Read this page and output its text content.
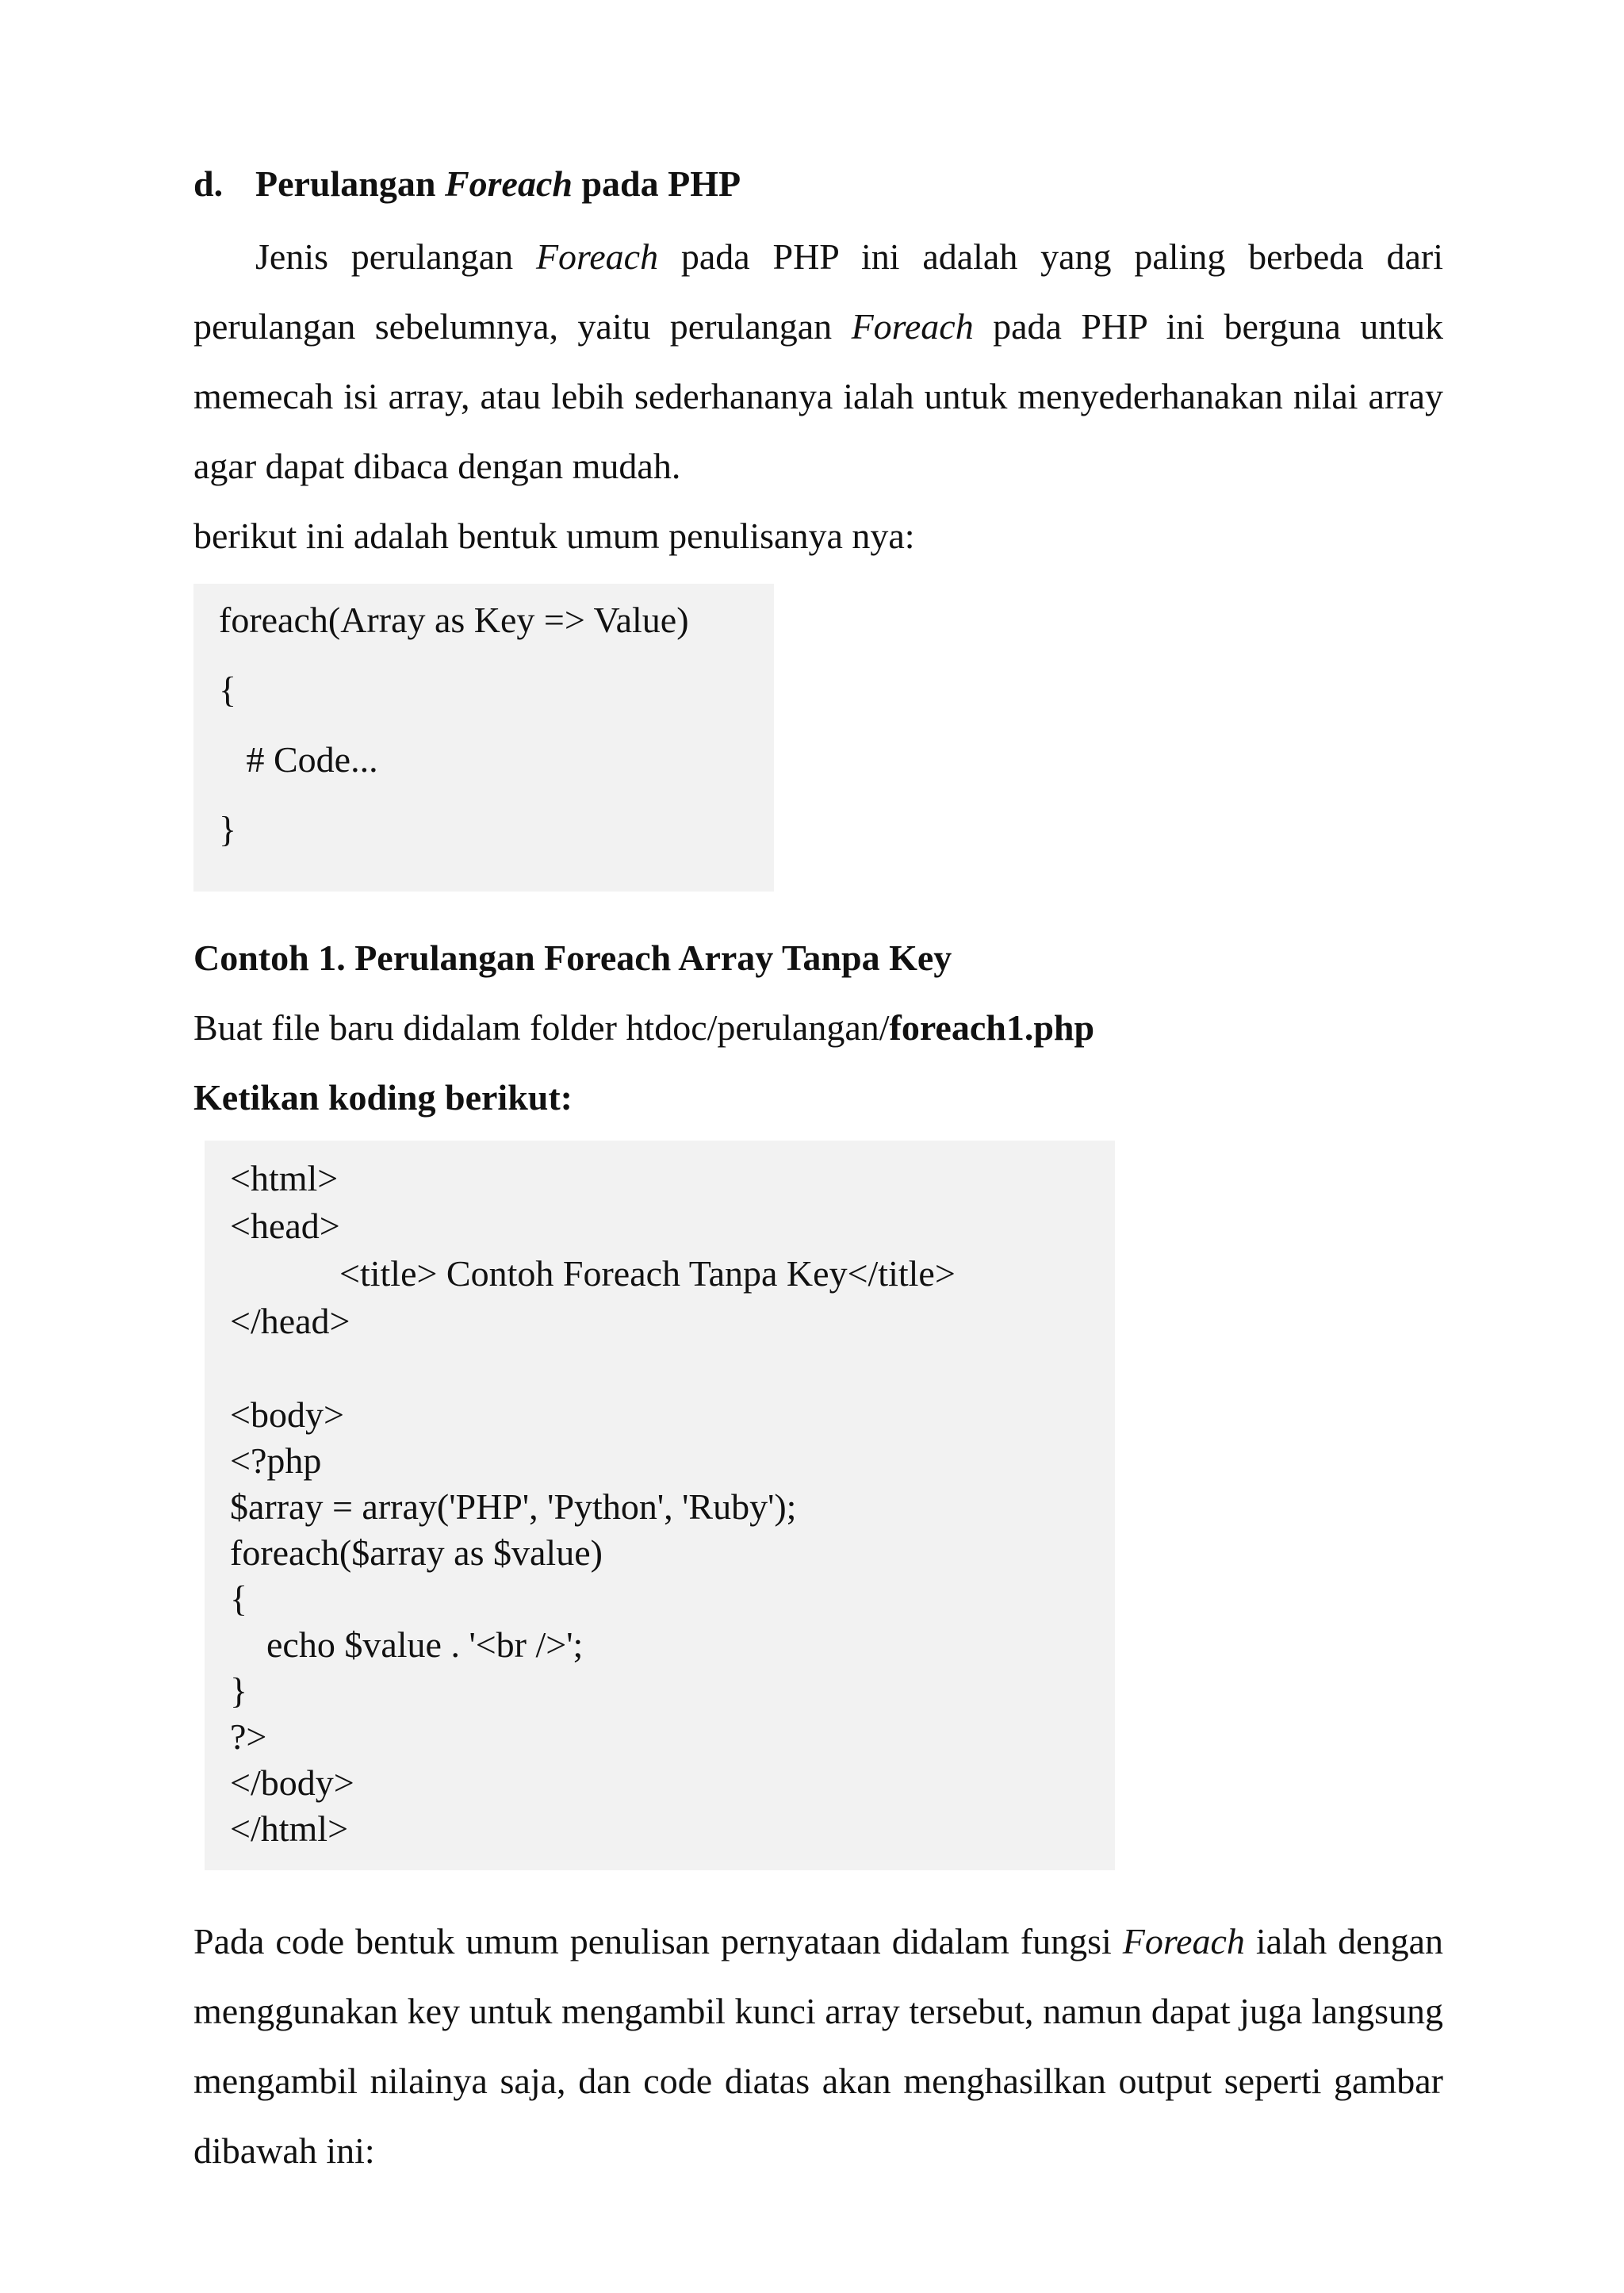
d. Perulangan Foreach pada PHP
Jenis perulangan Foreach pada PHP ini adalah yang paling berbeda dari perulangan sebelumnya, yaitu perulangan Foreach pada PHP ini berguna untuk memecah isi array, atau lebih sederhananya ialah untuk menyederhanakan nilai array agar dapat dibaca dengan mudah.
berikut ini adalah bentuk umum penulisanya nya:
foreach(Array as Key => Value)
{
# Code...
}
Contoh 1. Perulangan Foreach Array Tanpa Key
Buat file baru didalam folder htdoc/perulangan/foreach1.php
Ketikan koding berikut:
<html>
<head>
<title> Contoh Foreach Tanpa Key</title>
</head>
<body>
<?php
$array = array('PHP', 'Python', 'Ruby');
foreach($array as $value)
{
echo $value . '<br />';
}
?>
</body>
</html>
Pada code bentuk umum penulisan pernyataan didalam fungsi Foreach ialah dengan menggunakan key untuk mengambil kunci array tersebut, namun dapat juga langsung mengambil nilainya saja, dan code diatas akan menghasilkan output seperti gambar dibawah ini:
